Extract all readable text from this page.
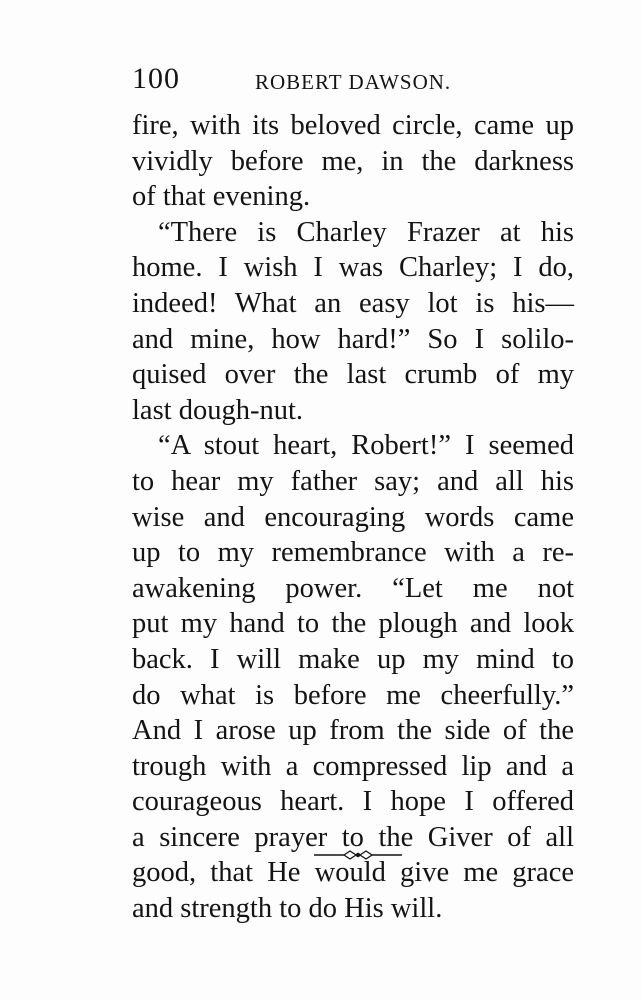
100	ROBERT DAWSON.
fire, with its beloved circle, came up
vividly before me, in the darkness
of that evening.
“There is Charley Frazer at his
home. I wish I was Charley; I do,
indeed! What an easy lot is his—
and mine, how hard!” So I solilo-
quised over the last crumb of my
last dough-nut.
“A stout heart, Robert!” I seemed
to hear my father say; and all his
wise and encouraging words came
up to my remembrance with a re-
awakening power. “Let me not
put my hand to the plough and look
back. I will make up my mind to
do what is before me cheerfully.”
And I arose up from the side of the
trough with a compressed lip and a
courageous heart. I hope I offered
a sincere prayer to the Giver of all
good, that He would give me grace
and strength to do His will.
